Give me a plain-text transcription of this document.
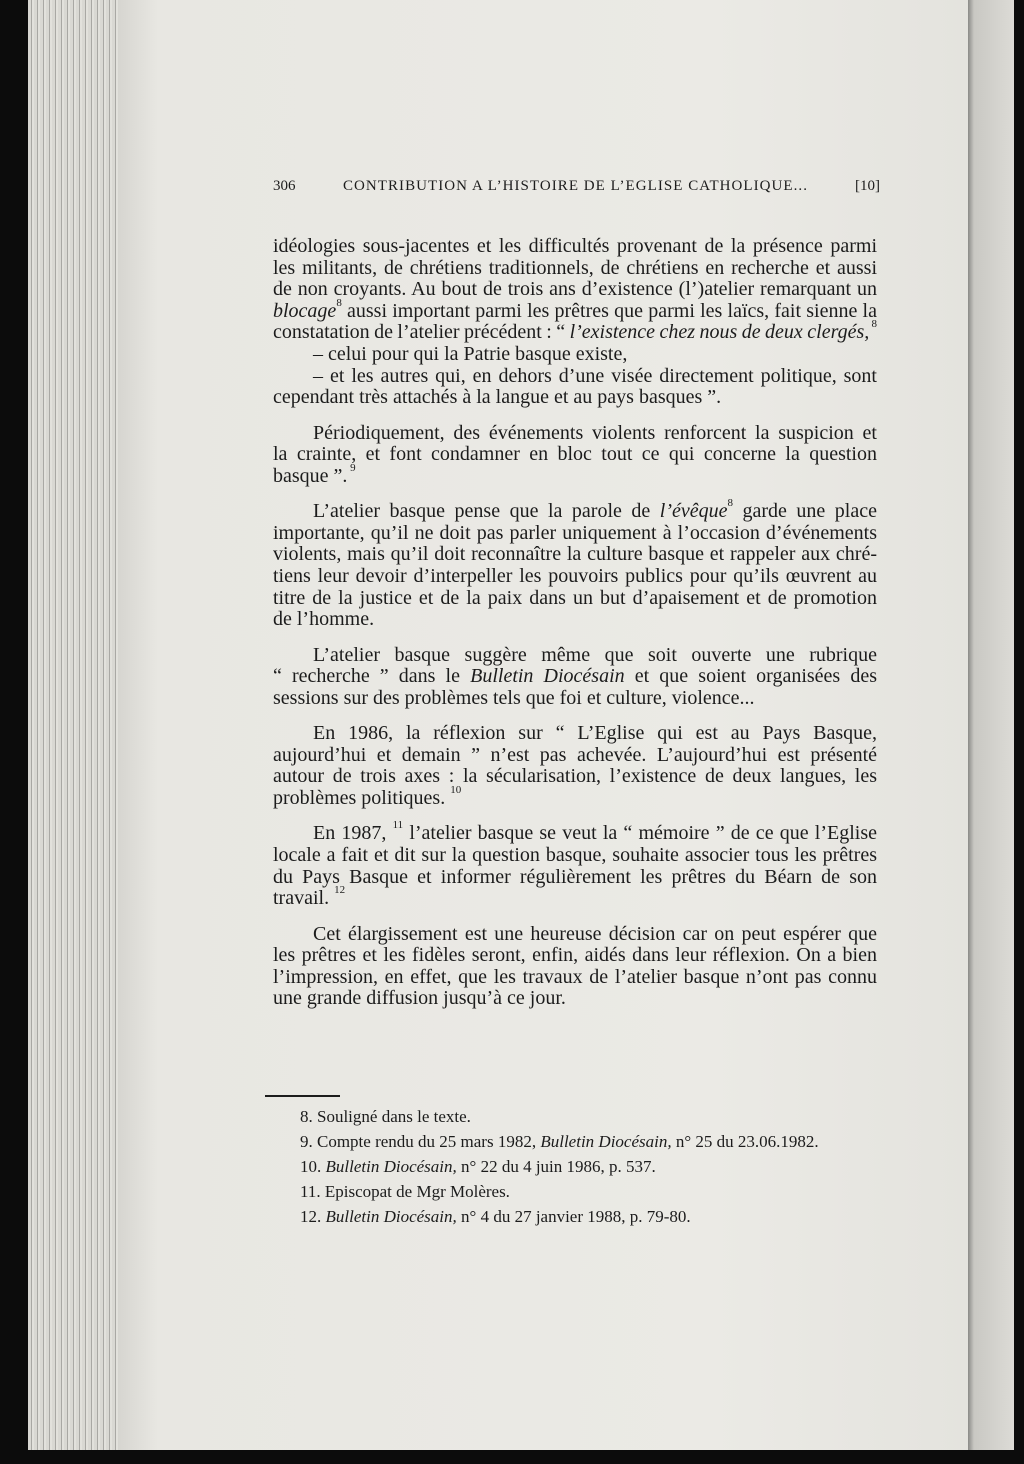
306	CONTRIBUTION A L’HISTOIRE DE L’EGLISE CATHOLIQUE...	[10]
idéologies sous-jacentes et les difficultés provenant de la présence parmi
les militants, de chrétiens traditionnels, de chrétiens en recherche et aussi
de non croyants. Au bout de trois ans d’existence (l’)atelier remarquant un
blocage$^8$ aussi important parmi les prêtres que parmi les laïcs, fait sienne la
constatation de l’atelier précédent : “ l’existence chez nous de deux clergés, $^8$
– celui pour qui la Patrie basque existe,
– et les autres qui, en dehors d’une visée directement politique, sont
cependant très attachés à la langue et au pays basques ”.
Périodiquement, des événements violents renforcent la suspicion et
la crainte, et font condamner en bloc tout ce qui concerne la question
basque ”. $^9$
L’atelier basque pense que la parole de l’évêque$^8$ garde une place
importante, qu’il ne doit pas parler uniquement à l’occasion d’événements
violents, mais qu’il doit reconnaître la culture basque et rappeler aux chré-
tiens leur devoir d’interpeller les pouvoirs publics pour qu’ils œuvrent au
titre de la justice et de la paix dans un but d’apaisement et de promotion
de l’homme.
L’atelier basque suggère même que soit ouverte une rubrique
“ recherche ” dans le Bulletin Diocésain et que soient organisées des
sessions sur des problèmes tels que foi et culture, violence...
En 1986, la réflexion sur “ L’Eglise qui est au Pays Basque,
aujourd’hui et demain ” n’est pas achevée. L’aujourd’hui est présenté
autour de trois axes : la sécularisation, l’existence de deux langues, les
problèmes politiques. $^{10}$
En 1987, $^{11}$ l’atelier basque se veut la “ mémoire ” de ce que l’Eglise
locale a fait et dit sur la question basque, souhaite associer tous les prêtres
du Pays Basque et informer régulièrement les prêtres du Béarn de son
travail. $^{12}$
Cet élargissement est une heureuse décision car on peut espérer que
les prêtres et les fidèles seront, enfin, aidés dans leur réflexion. On a bien
l’impression, en effet, que les travaux de l’atelier basque n’ont pas connu
une grande diffusion jusqu’à ce jour.
8. Souligné dans le texte.
9. Compte rendu du 25 mars 1982, Bulletin Diocésain, n° 25 du 23.06.1982.
10. Bulletin Diocésain, n° 22 du 4 juin 1986, p. 537.
11. Episcopat de Mgr Molères.
12. Bulletin Diocésain, n° 4 du 27 janvier 1988, p. 79-80.
